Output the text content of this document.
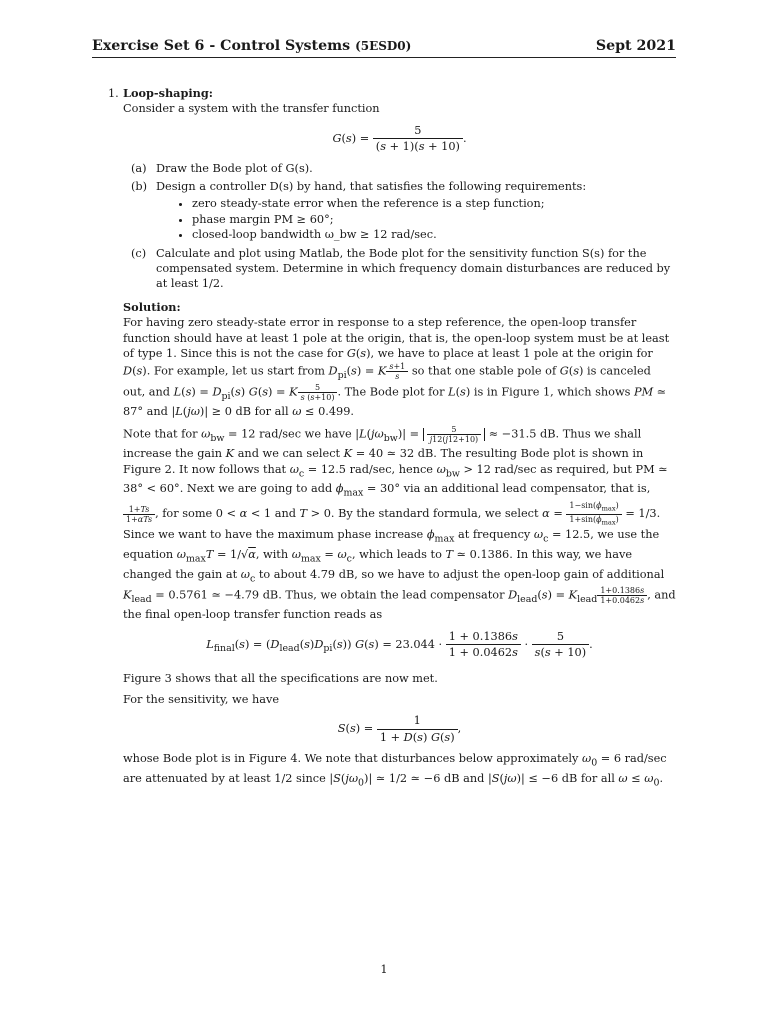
Exercise Set 6 - Control Systems (5ESD0)	Sept 2021
1. Loop-shaping:
Consider a system with the transfer function
$G(s) = \frac{5}{(s + 1)(s + 10)}$ .
(a) Draw the Bode plot of G(s).
(b) Design a controller D(s) by hand, that satisfies the following requirements:
• zero steady-state error when the reference is a step function;
• phase margin PM ≥ 60°;
• closed-loop bandwidth ω_bw ≥ 12 rad/sec.
(c) Calculate and plot using Matlab, the Bode plot for the sensitivity function S(s) for the compensated system. Determine in which frequency domain disturbances are reduced by at least 1/2.
Solution:

For having zero steady-state error in response to a step reference, the open-loop transfer function should have at least 1 pole at the origin, that is, the open-loop system must be at least of type 1. Since this is not the case for G(s), we have to place at least 1 pole at the origin for D(s). For example, let us start from $D_{pi}(s) = K \frac{s+1}{s}$ so that one stable pole of G(s) is canceled out, and $L(s) = D_{pi}(s) G(s) = K \frac{5}{s (s+10)}$ . The Bode plot for L(s) is in Figure 1, which shows PM ≃ 87° and |L(jω)| ≥ 0 dB for all ω ≤ 0.499.

Note that for $\omega_{bw} = 12$ rad/sec we have $|L(j\omega_{bw})| = \frac{5}{j12(j12+10)} \approx -31.5$ dB. Thus we shall increase the gain K and we can select K = 40 ≃ 32 dB. The resulting Bode plot is shown in Figure 2. It now follows that $\omega_c = 12.5$ rad/sec, hence $\omega_{bw} > 12$ rad/sec as required, but PM ≃ 38° < 60°. Next we are going to add $\phi_{max} = 30^\circ$ via an additional lead compensator, that is,
$\frac{1+Ts}{\text{1+αTs}}$ , for some 0 < α < 1 and T > 0. By the standard formula, we select $\alpha = \frac{1-\sin(\phi_{max})}{1+\sin(\phi_{max})} = 1/3$. Since we want to have the maximum phase increase $\phi_{max}$ at frequency $\omega_c = 12.5$, we use the equation $\omega_{max}T = 1/√\alpha$, with $\omega_{max} = \omega_c$, which leads to T ≃ 0.1386. In this way, we have changed the gain at $\omega_c$ to about 4.79 dB, so we have to adjust the open-loop gain of additional $K_{lead} = 0.5761$ ≃ −4.79 dB. Thus, we obtain the lead compensator $D_{lead}(s) = K_{lead} \frac{1+0.1386s}{1+0.0462s}$ , and the final open-loop transfer function reads as

$L_{final}(s) = (D_{lead}(s)D_{pi}(s)) G(s) = 23.044 \cdot \frac{1 + 0.1386s}{1 + 0.0462s} \cdot \frac{5}{s(s + 10)}$ .

Figure 3 shows that all the specifications are now met.

For the sensitivity, we have

$S(s) = \frac{1}{1 + D(s) G(s)}$ ,

whose Bode plot is in Figure 4. We note that disturbances below approximately $\omega_0 = 6$ rad/sec are attenuated by at least 1/2 since $|S(j\omega_0)|$ ≃ 1/2 ≃ −6 dB and |S(jω)| ≤ −6 dB for all $\omega \le \omega_0$.

1
